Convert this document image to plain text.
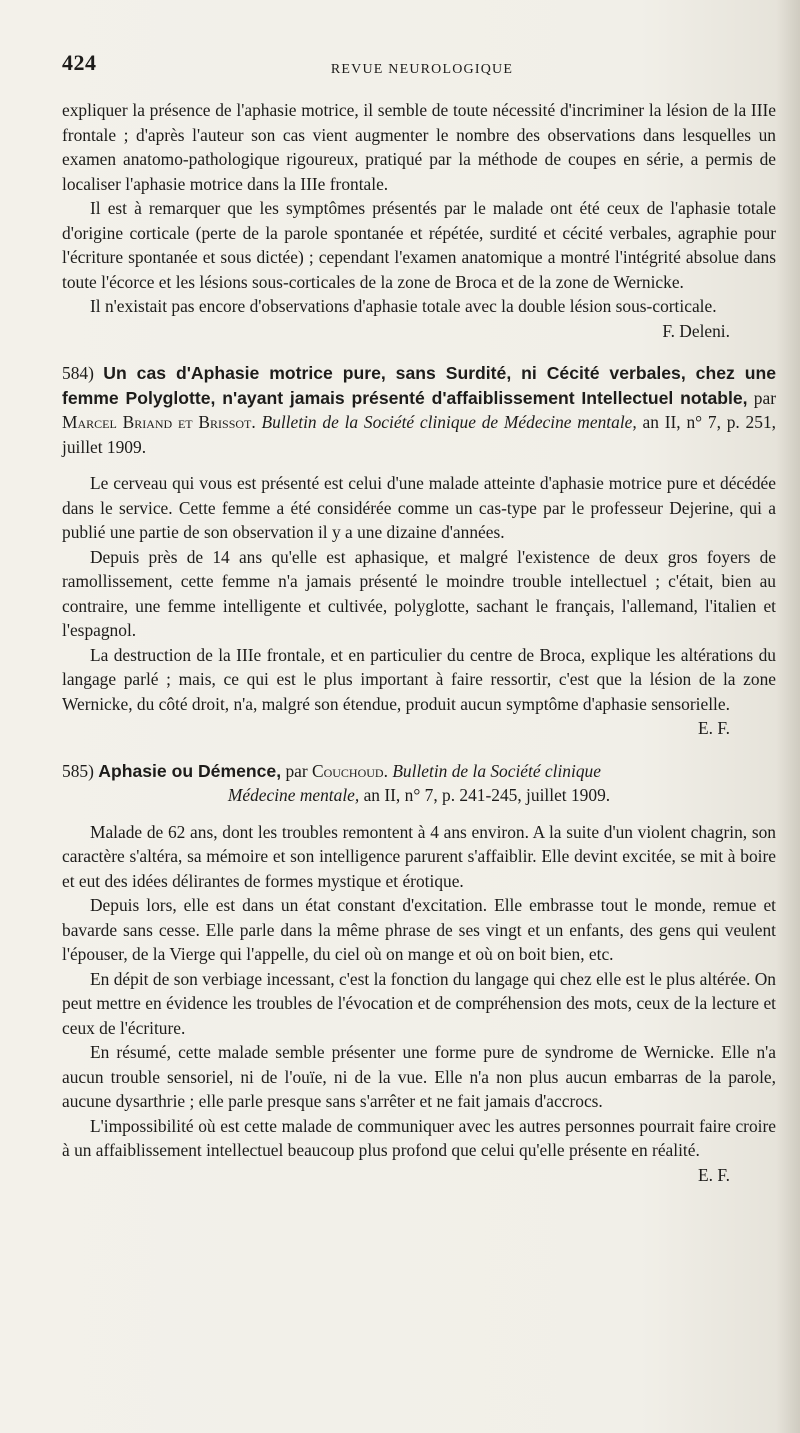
424	REVUE NEUROLOGIQUE

expliquer la présence de l'aphasie motrice, il semble de toute nécessité d'incriminer la lésion de la IIIe frontale ; d'après l'auteur son cas vient augmenter le nombre des observations dans lesquelles un examen anatomo-pathologique rigoureux, pratiqué par la méthode de coupes en série, a permis de localiser l'aphasie motrice dans la IIIe frontale.

Il est à remarquer que les symptômes présentés par le malade ont été ceux de l'aphasie totale d'origine corticale (perte de la parole spontanée et répétée, surdité et cécité verbales, agraphie pour l'écriture spontanée et sous dictée) ; cependant l'examen anatomique a montré l'intégrité absolue dans toute l'écorce et les lésions sous-corticales de la zone de Broca et de la zone de Wernicke.

Il n'existait pas encore d'observations d'aphasie totale avec la double lésion sous-corticale.

F. Deleni.

584) Un cas d'Aphasie motrice pure, sans Surdité, ni Cécité verbales, chez une femme Polyglotte, n'ayant jamais présenté d'affaiblissement Intellectuel notable, par Marcel Briand et Brissot. Bulletin de la Société clinique de Médecine mentale, an II, n° 7, p. 251, juillet 1909.

Le cerveau qui vous est présenté est celui d'une malade atteinte d'aphasie motrice pure et décédée dans le service. Cette femme a été considérée comme un cas-type par le professeur Dejerine, qui a publié une partie de son observation il y a une dizaine d'années.

Depuis près de 14 ans qu'elle est aphasique, et malgré l'existence de deux gros foyers de ramollissement, cette femme n'a jamais présenté le moindre trouble intellectuel ; c'était, bien au contraire, une femme intelligente et cultivée, polyglotte, sachant le français, l'allemand, l'italien et l'espagnol.

La destruction de la IIIe frontale, et en particulier du centre de Broca, explique les altérations du langage parlé ; mais, ce qui est le plus important à faire ressortir, c'est que la lésion de la zone Wernicke, du côté droit, n'a, malgré son étendue, produit aucun symptôme d'aphasie sensorielle.

E. F.

585) Aphasie ou Démence, par Couchoud. Bulletin de la Société clinique

Médecine mentale, an II, n° 7, p. 241-245, juillet 1909.

Malade de 62 ans, dont les troubles remontent à 4 ans environ. A la suite d'un violent chagrin, son caractère s'altéra, sa mémoire et son intelligence parurent s'affaiblir. Elle devint excitée, se mit à boire et eut des idées délirantes de formes mystique et érotique.

Depuis lors, elle est dans un état constant d'excitation. Elle embrasse tout le monde, remue et bavarde sans cesse. Elle parle dans la même phrase de ses vingt et un enfants, des gens qui veulent l'épouser, de la Vierge qui l'appelle, du ciel où on mange et où on boit bien, etc.

En dépit de son verbiage incessant, c'est la fonction du langage qui chez elle est le plus altérée. On peut mettre en évidence les troubles de l'évocation et de compréhension des mots, ceux de la lecture et ceux de l'écriture.

En résumé, cette malade semble présenter une forme pure de syndrome de Wernicke. Elle n'a aucun trouble sensoriel, ni de l'ouïe, ni de la vue. Elle n'a non plus aucun embarras de la parole, aucune dysarthrie ; elle parle presque sans s'arrêter et ne fait jamais d'accrocs.

L'impossibilité où est cette malade de communiquer avec les autres personnes pourrait faire croire à un affaiblissement intellectuel beaucoup plus profond que celui qu'elle présente en réalité.

E. F.
